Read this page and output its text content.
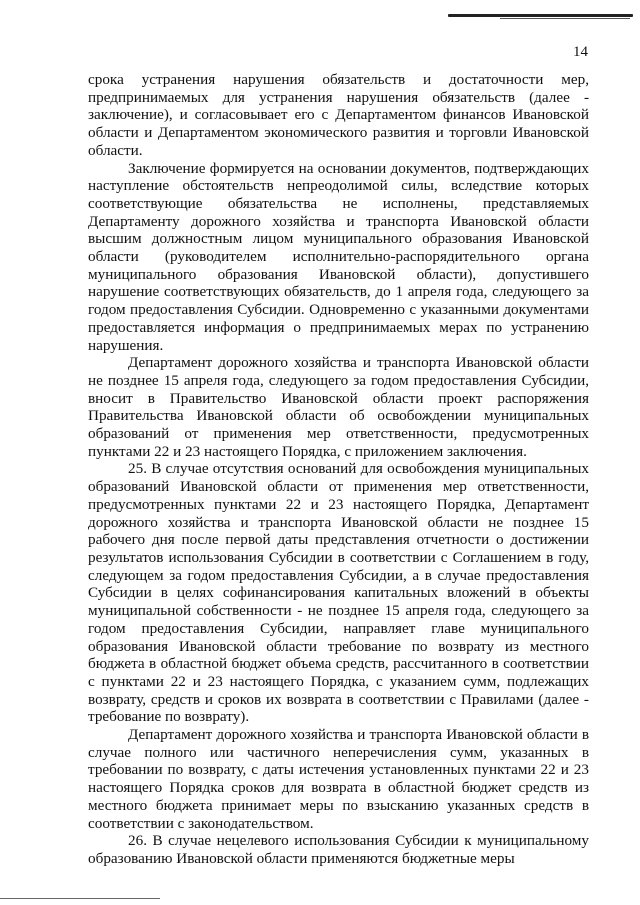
14

срока устранения нарушения обязательств и достаточности мер, предпринимаемых для устранения нарушения обязательств (далее - заключение), и согласовывает его с Департаментом финансов Ивановской области и Департаментом экономического развития и торговли Ивановской области.

Заключение формируется на основании документов, подтверждающих наступление обстоятельств непреодолимой силы, вследствие которых соответствующие обязательства не исполнены, представляемых Департаменту дорожного хозяйства и транспорта Ивановской области высшим должностным лицом муниципального образования Ивановской области (руководителем исполнительно-распорядительного органа муниципального образования Ивановской области), допустившего нарушение соответствующих обязательств, до 1 апреля года, следующего за годом предоставления Субсидии. Одновременно с указанными документами предоставляется информация о предпринимаемых мерах по устранению нарушения.

Департамент дорожного хозяйства и транспорта Ивановской области не позднее 15 апреля года, следующего за годом предоставления Субсидии, вносит в Правительство Ивановской области проект распоряжения Правительства Ивановской области об освобождении муниципальных образований от применения мер ответственности, предусмотренных пунктами 22 и 23 настоящего Порядка, с приложением заключения.

25. В случае отсутствия оснований для освобождения муниципальных образований Ивановской области от применения мер ответственности, предусмотренных пунктами 22 и 23 настоящего Порядка, Департамент дорожного хозяйства и транспорта Ивановской области не позднее 15 рабочего дня после первой даты представления отчетности о достижении результатов использования Субсидии в соответствии с Соглашением в году, следующем за годом предоставления Субсидии, а в случае предоставления Субсидии в целях софинансирования капитальных вложений в объекты муниципальной собственности - не позднее 15 апреля года, следующего за годом предоставления Субсидии, направляет главе муниципального образования Ивановской области требование по возврату из местного бюджета в областной бюджет объема средств, рассчитанного в соответствии с пунктами 22 и 23 настоящего Порядка, с указанием сумм, подлежащих возврату, средств и сроков их возврата в соответствии с Правилами (далее - требование по возврату).

Департамент дорожного хозяйства и транспорта Ивановской области в случае полного или частичного неперечисления сумм, указанных в требовании по возврату, с даты истечения установленных пунктами 22 и 23 настоящего Порядка сроков для возврата в областной бюджет средств из местного бюджета принимает меры по взысканию указанных средств в соответствии с законодательством.

26. В случае нецелевого использования Субсидии к муниципальному образованию Ивановской области применяются бюджетные меры
